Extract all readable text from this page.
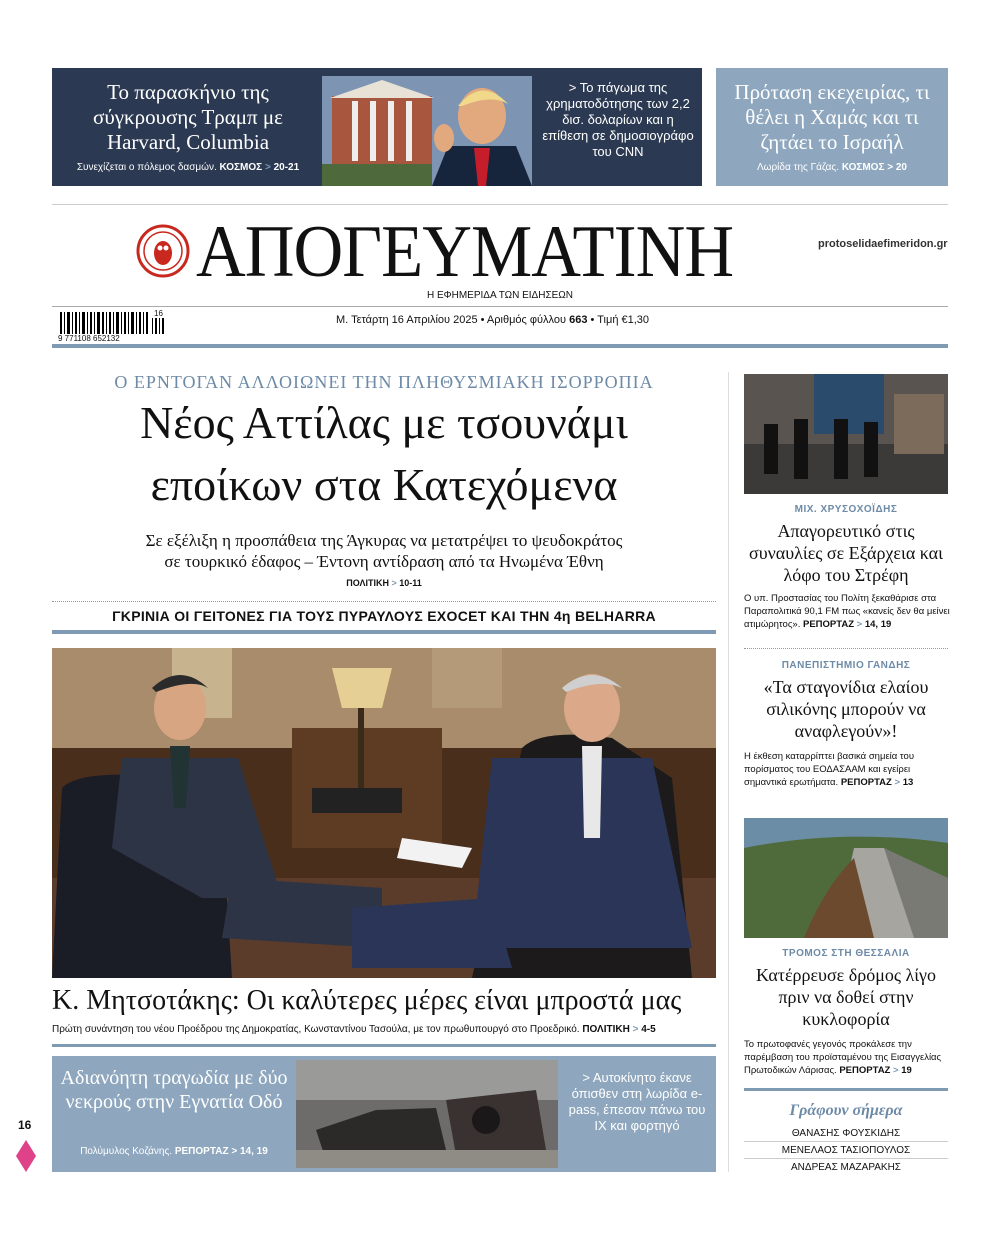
Το παρασκήνιο της σύγκρουσης Τραμπ με Harvard, Columbia
Συνεχίζεται ο πόλεμος δασμών. ΚΟΣΜΟΣ > 20-21
> Το πάγωμα της χρηματοδότησης των 2,2 δισ. δολαρίων και η επίθεση σε δημοσιογράφο του CNN
Πρόταση εκεχειρίας, τι θέλει η Χαμάς και τι ζητάει το Ισραήλ
Λωρίδα της Γάζας. ΚΟΣΜΟΣ > 20
ΑΠΟΓΕΥΜΑΤΙΝΗ	protoselidaefimeridon.gr
Η ΕΦΗΜΕΡΙΔΑ ΤΩΝ ΕΙΔΗΣΕΩΝ
16
9 771108 652132
Μ. Τετάρτη 16 Απριλίου 2025 • Αριθμός φύλλου 663 • Τιμή €1,30
Ο ΕΡΝΤΟΓΑΝ ΑΛΛΟΙΩΝΕΙ ΤΗΝ ΠΛΗΘΥΣΜΙΑΚΗ ΙΣΟΡΡΟΠΙΑ
Νέος Αττίλας με τσουνάμι
εποίκων στα Κατεχόμενα
Σε εξέλιξη η προσπάθεια της Άγκυρας να μετατρέψει το ψευδοκράτος
σε τουρκικό έδαφος – Έντονη αντίδραση από τα Ηνωμένα Έθνη
ΠΟΛΙΤΙΚΗ > 10-11
ΓΚΡΙΝΙΑ ΟΙ ΓΕΙΤΟΝΕΣ ΓΙΑ ΤΟΥΣ ΠΥΡΑΥΛΟΥΣ EXOCET ΚΑΙ ΤΗΝ 4η BELHARRA
Κ. Μητσοτάκης: Οι καλύτερες μέρες είναι μπροστά μας
Πρώτη συνάντηση του νέου Προέδρου της Δημοκρατίας, Κωνσταντίνου Τασούλα, με τον πρωθυπουργό στο Προεδρικό. ΠΟΛΙΤΙΚΗ > 4-5
Αδιανόητη τραγωδία με δύο νεκρούς στην Εγνατία Οδό
Πολύμυλος Κοζάνης. ΡΕΠΟΡΤΑΖ > 14, 19
> Αυτοκίνητο έκανε όπισθεν στη λωρίδα e-pass, έπεσαν πάνω του ΙΧ και φορτηγό
16
ΜΙΧ. ΧΡΥΣΟΧΟΪΔΗΣ
Απαγορευτικό στις συναυλίες σε Εξάρχεια και λόφο του Στρέφη
Ο υπ. Προστασίας του Πολίτη ξεκαθάρισε στα Παραπολιτικά 90,1 FM πως «κανείς δεν θα μείνει ατιμώρητος». ΡΕΠΟΡΤΑΖ > 14, 19
ΠΑΝΕΠΙΣΤΗΜΙΟ ΓΑΝΔΗΣ
«Τα σταγονίδια ελαίου σιλικόνης μπορούν να αναφλεγούν»!
Η έκθεση καταρρίπτει βασικά σημεία του πορίσματος του ΕΟΔΑΣΑΑΜ και εγείρει σημαντικά ερωτήματα. ΡΕΠΟΡΤΑΖ > 13
ΤΡΟΜΟΣ ΣΤΗ ΘΕΣΣΑΛΙΑ
Κατέρρευσε δρόμος λίγο πριν να δοθεί στην κυκλοφορία
Το πρωτοφανές γεγονός προκάλεσε την παρέμβαση του προϊσταμένου της Εισαγγελίας Πρωτοδικών Λάρισας. ΡΕΠΟΡΤΑΖ > 19
Γράφουν σήμερα
ΘΑΝΑΣΗΣ ΦΟΥΣΚΙΔΗΣ
ΜΕΝΕΛΑΟΣ ΤΑΣΙΟΠΟΥΛΟΣ
ΑΝΔΡΕΑΣ ΜΑΖΑΡΑΚΗΣ
